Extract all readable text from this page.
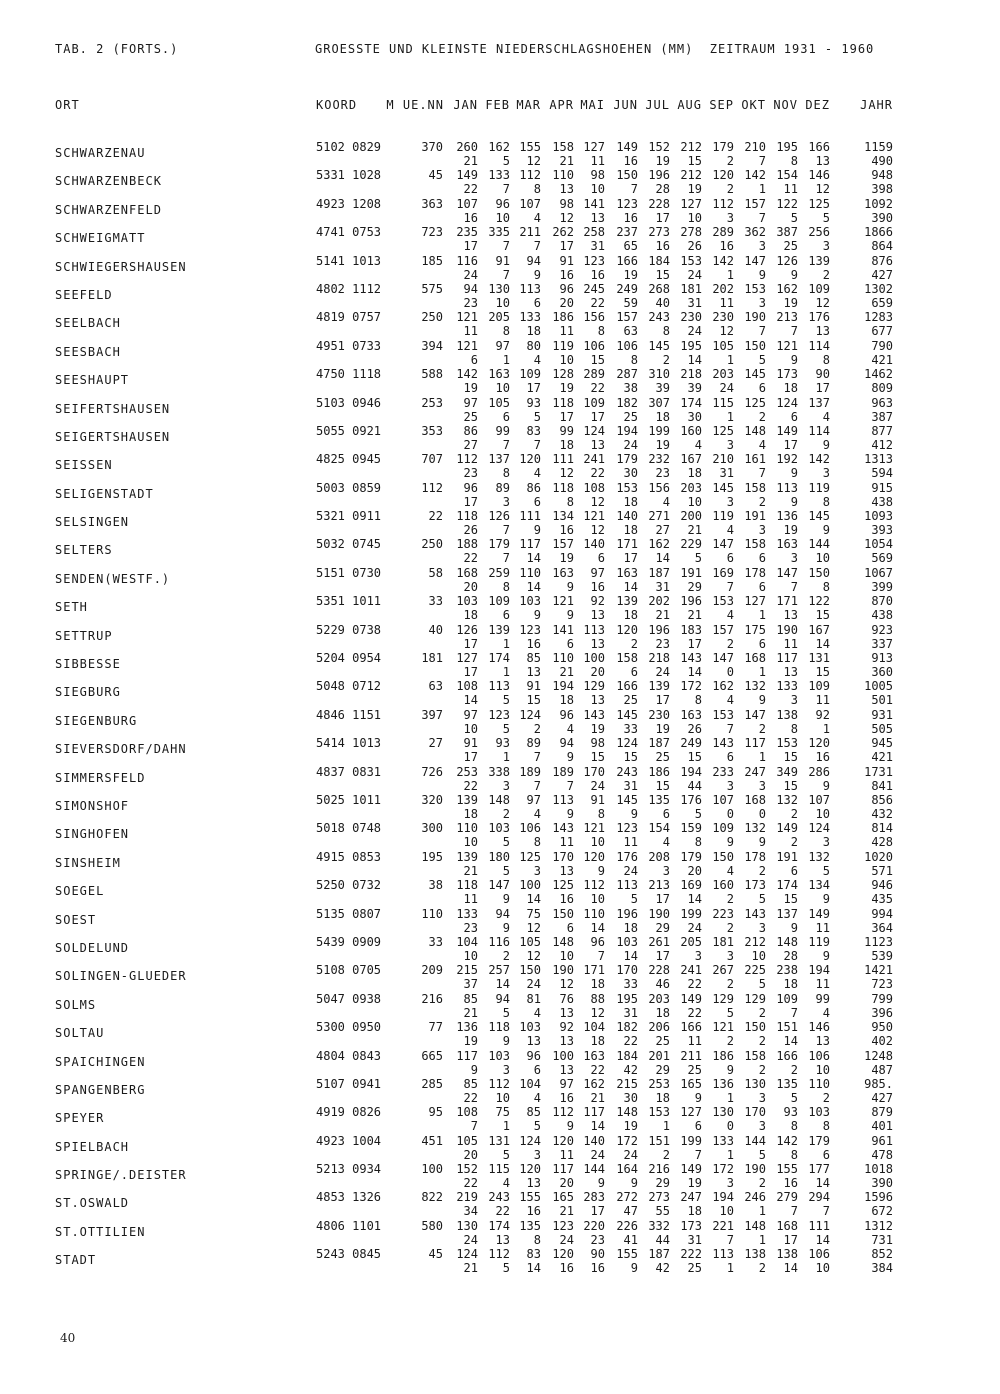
TAB. 2 (FORTS.)	GROESSTE UND KLEINSTE NIEDERSCHLAGSHOEHEN (MM)  ZEITRAUM 1931 - 1960
ORT	KOORD M UE.NN JAN FEB MAR APR MAI JUN JUL AUG SEP OKT NOV DEZ	JAHR
SCHWARZENAU	5102 0829	370 260 162 155 158 127 149 152 212 179 210 195 166	1159
21 5 12 21 11 16 19 15 2 7 8 13	490
SCHWARZENBECK	5331 1028	45 149 133 112 110 98 150 196 212 120 142 154 146	948
22 7 8 13 10 7 28 19 2 1 11 12	398
SCHWARZENFELD	4923 1208	363 107 96 107 98 141 123 228 127 112 157 122 125	1092
16 10 4 12 13 16 17 10 3 7 5 5	390
SCHWEIGMATT	4741 0753	723 235 335 211 262 258 237 273 278 289 362 387 256	1866
17 7 7 17 31 65 16 26 16 3 25 3	864
SCHWIEGERSHAUSEN	5141 1013	185 116 91 94 91 123 166 184 153 142 147 126 139	876
24 7 9 16 16 19 15 24 1 9 9 2	427
SEEFELD	4802 1112	575 94 130 113 96 245 249 268 181 202 153 162 109	1302
23 10 6 20 22 59 40 31 11 3 19 12	659
SEELBACH	4819 0757	250 121 205 133 186 156 157 243 230 230 190 213 176	1283
11 8 18 11 8 63 8 24 12 7 7 13	677
SEESBACH	4951 0733	394 121 97 80 119 106 106 145 195 105 150 121 114	790
6 1 4 10 15 8 2 14 1 5 9 8	421
SEESHAUPT	4750 1118	588 142 163 109 128 289 287 310 218 203 145 173 90	1462
19 10 17 19 22 38 39 39 24 6 18 17	809
SEIFERTSHAUSEN	5103 0946	253 97 105 93 118 109 182 307 174 115 125 124 137	963
25 6 5 17 17 25 18 30 1 2 6 4	387
SEIGERTSHAUSEN	5055 0921	353 86 99 83 99 124 194 199 160 125 148 149 114	877
27 7 7 18 13 24 19 4 3 4 17 9	412
SEISSEN	4825 0945	707 112 137 120 111 241 179 232 167 210 161 192 142	1313
23 8 4 12 22 30 23 18 31 7 9 3	594
SELIGENSTADT	5003 0859	112 96 89 86 118 108 153 156 203 145 158 113 119	915
17 3 6 8 12 18 4 10 3 2 9 8	438
SELSINGEN	5321 0911	22 118 126 111 134 121 140 271 200 119 191 136 145	1093
26 7 9 16 12 18 27 21 4 3 19 9	393
SELTERS	5032 0745	250 188 179 117 157 140 171 162 229 147 158 163 144	1054
22 7 14 19 6 17 14 5 6 6 3 10	569
SENDEN(WESTF.)	5151 0730	58 168 259 110 163 97 163 187 191 169 178 147 150	1067
20 8 14 9 16 14 31 29 7 6 7 8	399
SETH	5351 1011	33 103 109 103 121 92 139 202 196 153 127 171 122	870
18 6 9 9 13 18 21 21 4 1 13 15	438
SETTRUP	5229 0738	40 126 139 123 141 113 120 196 183 157 175 190 167	923
17 1 16 6 13 2 23 17 2 6 11 14	337
SIBBESSE	5204 0954	181 127 174 85 110 100 158 218 143 147 168 117 131	913
17 1 13 21 20 6 24 14 0 1 13 15	360
SIEGBURG	5048 0712	63 108 113 91 194 129 166 139 172 162 132 133 109	1005
14 5 15 18 13 25 17 8 4 9 3 11	501
SIEGENBURG	4846 1151	397 97 123 124 96 143 145 230 163 153 147 138 92	931
10 5 2 4 19 33 19 26 7 2 8 1	505
SIEVERSDORF/DAHN	5414 1013	27 91 93 89 94 98 124 187 249 143 117 153 120	945
17 1 7 9 15 15 25 15 6 1 15 16	421
SIMMERSFELD	4837 0831	726 253 338 189 189 170 243 186 194 233 247 349 286	1731
22 3 7 7 24 31 15 44 3 3 15 9	841
SIMONSHOF	5025 1011	320 139 148 97 113 91 145 135 176 107 168 132 107	856
18 2 4 9 8 9 6 5 0 0 2 10	432
SINGHOFEN	5018 0748	300 110 103 106 143 121 123 154 159 109 132 149 124	814
10 5 8 11 10 11 4 8 9 9 2 3	428
SINSHEIM	4915 0853	195 139 180 125 170 120 176 208 179 150 178 191 132	1020
21 5 3 13 9 24 3 20 4 2 6 5	571
SOEGEL	5250 0732	38 118 147 100 125 112 113 213 169 160 173 174 134	946
11 9 14 16 10 5 17 14 2 5 15 9	435
SOEST	5135 0807	110 133 94 75 150 110 196 190 199 223 143 137 149	994
23 9 12 6 14 18 29 24 2 3 9 11	364
SOLDELUND	5439 0909	33 104 116 105 148 96 103 261 205 181 212 148 119	1123
10 2 12 10 7 14 17 3 3 10 28 9	539
SOLINGEN-GLUEDER	5108 0705	209 215 257 150 190 171 170 228 241 267 225 238 194	1421
37 14 24 12 18 33 46 22 2 5 18 11	723
SOLMS	5047 0938	216 85 94 81 76 88 195 203 149 129 129 109 99	799
21 5 4 13 12 31 18 22 5 2 7 4	396
SOLTAU	5300 0950	77 136 118 103 92 104 182 206 166 121 150 151 146	950
19 9 13 13 18 22 25 11 2 2 14 13	402
SPAICHINGEN	4804 0843	665 117 103 96 100 163 184 201 211 186 158 166 106	1248
9 3 6 13 22 42 29 25 9 2 2 10	487
SPANGENBERG	5107 0941	285 85 112 104 97 162 215 253 165 136 130 135 110	985.
22 10 4 16 21 30 18 9 1 3 5 2	427
SPEYER	4919 0826	95 108 75 85 112 117 148 153 127 130 170 93 103	879
7 1 5 9 14 19 1 6 0 3 8 8	401
SPIELBACH	4923 1004	451 105 131 124 120 140 172 151 199 133 144 142 179	961
20 5 3 11 24 24 2 7 1 5 8 6	478
SPRINGE/.DEISTER	5213 0934	100 152 115 120 117 144 164 216 149 172 190 155 177	1018
22 4 13 20 9 9 29 19 3 2 16 14	390
ST.OSWALD	4853 1326	822 219 243 155 165 283 272 273 247 194 246 279 294	1596
34 22 16 21 17 47 55 18 10 1 7 7	672
ST.OTTILIEN	4806 1101	580 130 174 135 123 220 226 332 173 221 148 168 111	1312
24 13 8 24 23 41 44 31 7 1 17 14	731
STADT	5243 0845	45 124 112 83 120 90 155 187 222 113 138 138 106	852
21 5 14 16 16 9 42 25 1 2 14 10	384
40
